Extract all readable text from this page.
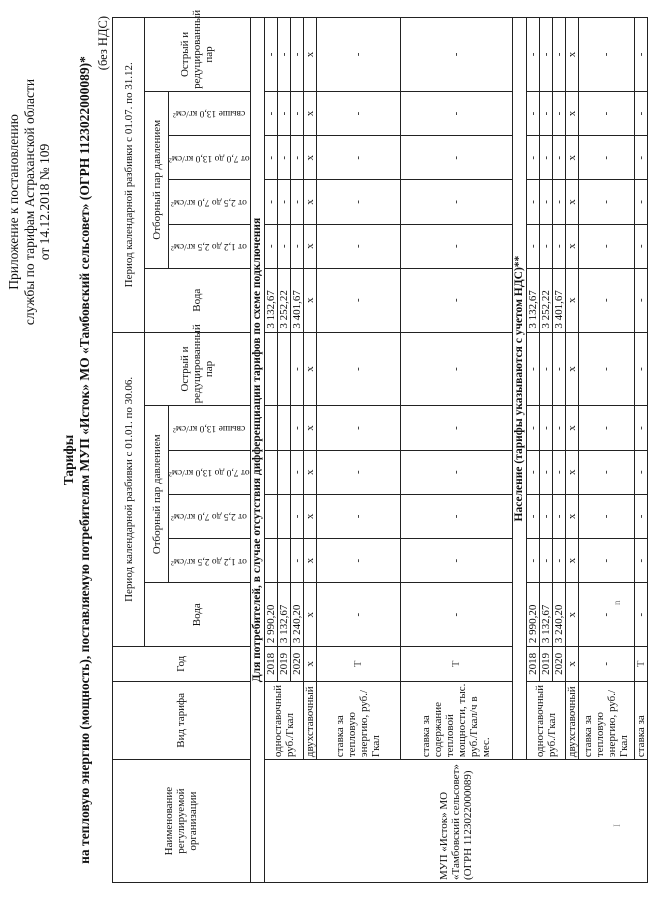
Приложение к постановлению службы по тарифам Астраханской области от 14.12.2018 № 109
Тарифы на тепловую энергию (мощность), поставляемую потребителям МУП «Исток» МО «Тамбовский сельсовет» (ОГРН 1123022000089)*
(без НДС)
Наименование регулируемой организации	Вид тарифа	Год	Период календарной разбивки с 01.01. по 30.06.						Период календарной разбивки с 01.07. по 31.12.					
			Вода	Отборный пар давлением				Острый и редуцированный пар	Вода	Отборный пар давлением				Острый и редуцированный пар

				от 1,2 до 2,5 кг/см²	от 2,5 до 7,0 кг/см²	от 7,0 до 13,0 кг/см²	свыше 13,0 кг/см²			от 1,2 до 2,5 кг/см²	от 2,5 до 7,0 кг/см²	от 7,0 до 13,0 кг/см²	свыше 13,0 кг/см²	

Для потребителей, в случае отсутствия дифференциации тарифов по схеме подключения														
МУП «Исток» МО «Тамбовский сельсовет» (ОГРН 1123022000089)	одноставочный руб./Гкал	2018	2 990,20						3 132,67	-	-	-	-	-
		2019	3 132,67						3 252,22	-	-	-	-	-
		2020	3 240,20	-	-	-	-	-	3 401,67	-	-	-	-	-
	двухставочный	х	х	х	х	х	х	х	х	х	х	х	х	х
	ставка за тепловую энергию, руб./Гкал	Т	-	-	-	-	-	-	-	-	-	-	-	-
	ставка за содержание тепловой мощности, тыс. руб./Гкал/ч в мес.	Т	-	-	-	-	-	-	-	-	-	-	-	-
	Население (тарифы указываются с учетом НДС)**													
	одноставочный руб./Гкал	2018	2 990,20	-	-	-	-	-	3 132,67	-	-	-	-	-
		2019	3 132,67	-	-	-	-	-	3 252,22	-	-	-	-	-
		2020	3 240,20	-	-	-	-	-	3 401,67	-	-	-	-	-
	двухставочный	х	х	х	х	х	х	х	х	х	х	х	х	х
	ставка за тепловую энергию, руб./Гкал	-	-	-	-	-	-	-	-	-	-	-	-	-
	ставка за	Т	-	-	-	-	-	-	-	-	-	-	-	-
I
n
